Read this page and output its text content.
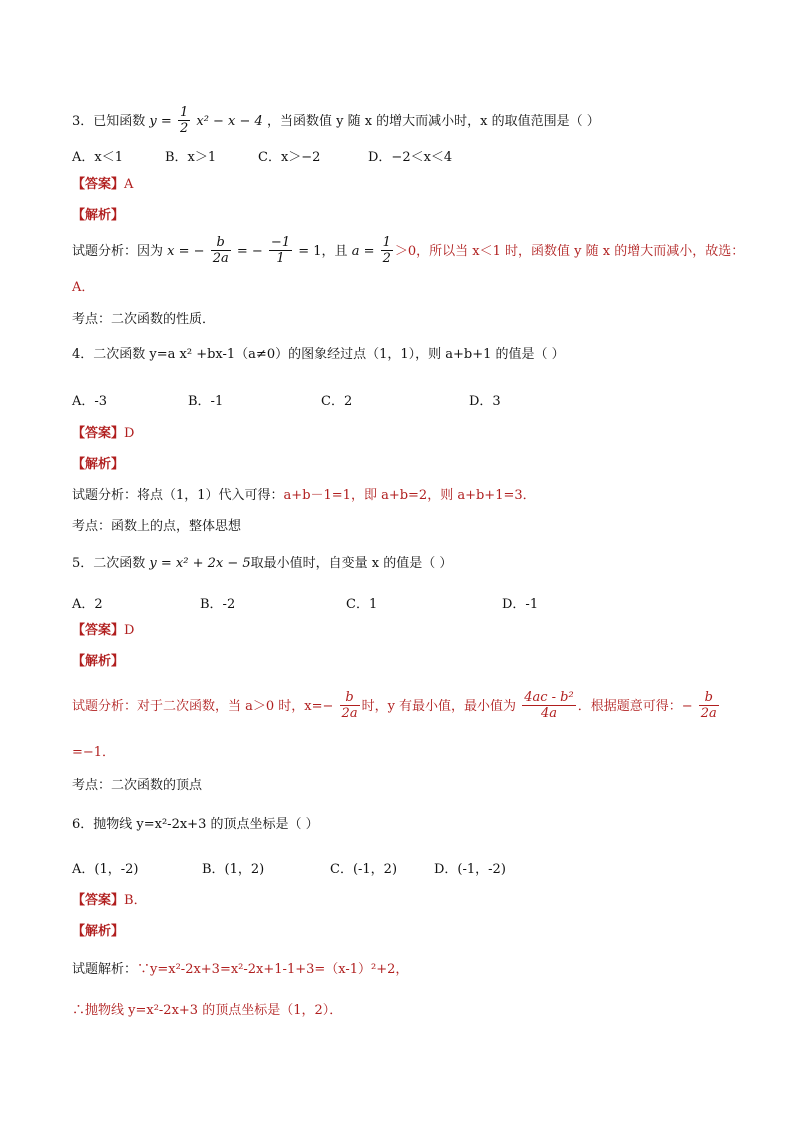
3．已知函数 $y = \frac{1}{2} x^2 - x - 4$ ，当函数值 y 随 x 的增大而减小时，x 的取值范围是（ ）
A．x＜1	B．x＞1	C．x＞−2	D．−2＜x＜4
【答案】A
【解析】
试题分析：因为 x = − $\frac{b}{2a}$ = − $\frac{-1}{1} = 1$，且 $a = \frac{1}{2} >0$，所以当 x＜1 时，函数值 y 随 x 的增大而减小，故选：
A．
考点：二次函数的性质．
4．二次函数 y=a x² +bx-1（a≠0）的图象经过点（1，1），则 a+b+1 的值是（ ）
A．-3	B．-1	C．2	D．3
【答案】D
【解析】
试题分析：将点（1，1）代入可得：a+b－1=1，即 a+b=2，则 a+b+1=3．
考点：函数上的点，整体思想
5．二次函数 y = x² + 2x − 5取最小值时，自变量 x 的值是（ ）
A．2	B．-2	C．1	D．-1
【答案】D
【解析】
试题分析：对于二次函数，当 a＞0 时，$x=- \frac{b}{2a}$ 时，y 有最小值，最小值为 $\frac{\text{4ac - b²}}{4a}$ ．根据题意可得：− $\frac{b}{2a}$
=−1．
考点：二次函数的顶点
6．抛物线 y=x²-2x+3 的顶点坐标是（ ）
A．(1，-2)	B．(1，2)	C．(-1，2)	D．(-1，-2)
【答案】B．
【解析】
试题解析：∵y=x²-2x+3=x²-2x+1-1+3=（x-1）²+2，
∴抛物线 y=x²-2x+3 的顶点坐标是（1，2）．
